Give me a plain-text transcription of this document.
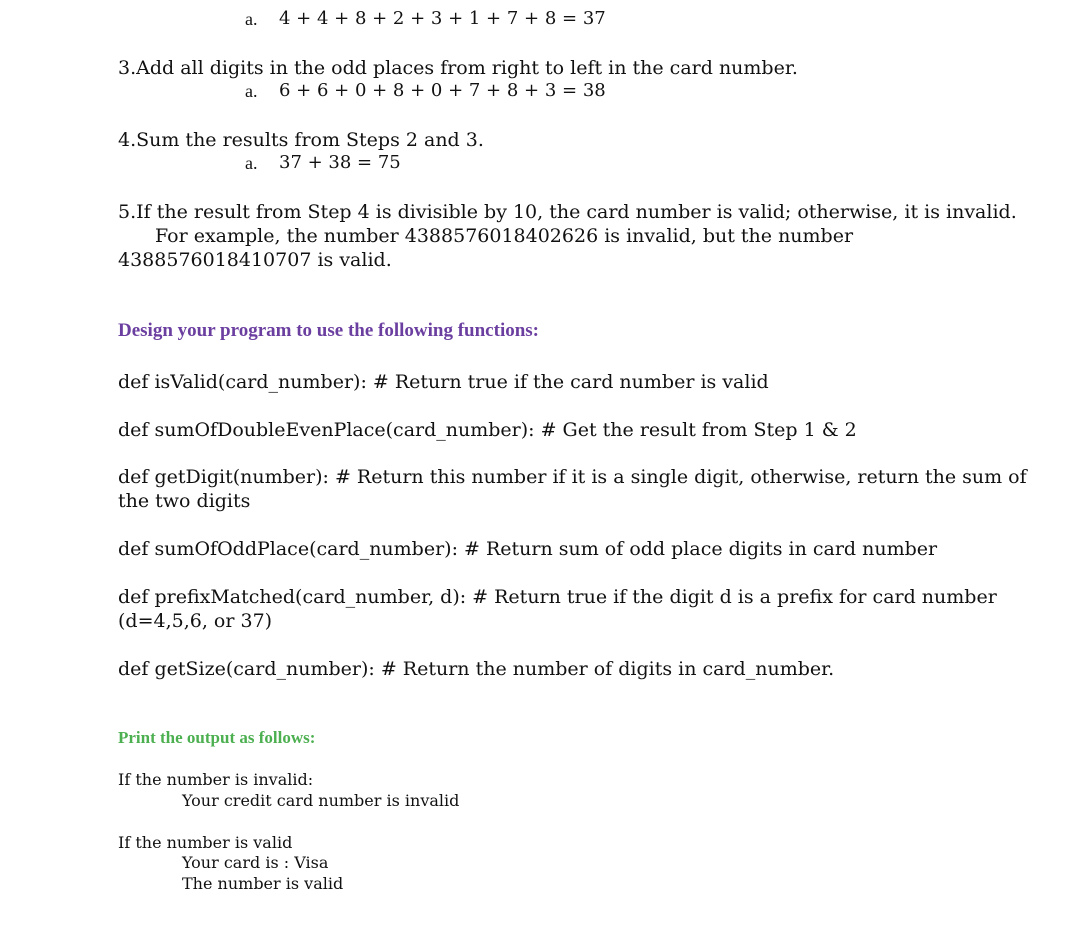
a. 4 + 4 + 8 + 2 + 3 + 1 + 7 + 8 = 37
3.Add all digits in the odd places from right to left in the card number.
a. 6 + 6 + 0 + 8 + 0 + 7 + 8 + 3 = 38
4.Sum the results from Steps 2 and 3.
a. 37 + 38 = 75
5.If the result from Step 4 is divisible by 10, the card number is valid; otherwise, it is invalid.
For example, the number 4388576018402626 is invalid, but the number
4388576018410707 is valid.
Design your program to use the following functions:
def isValid(card_number): # Return true if the card number is valid
def sumOfDoubleEvenPlace(card_number): # Get the result from Step 1 & 2
def getDigit(number): # Return this number if it is a single digit, otherwise, return the sum of
the two digits
def sumOfOddPlace(card_number): # Return sum of odd place digits in card number
def prefixMatched(card_number, d): # Return true if the digit d is a prefix for card number
(d=4,5,6, or 37)
def getSize(card_number): # Return the number of digits in card_number.
Print the output as follows:
If the number is invalid:
Your credit card number is invalid
If the number is valid
Your card is : Visa
The number is valid
